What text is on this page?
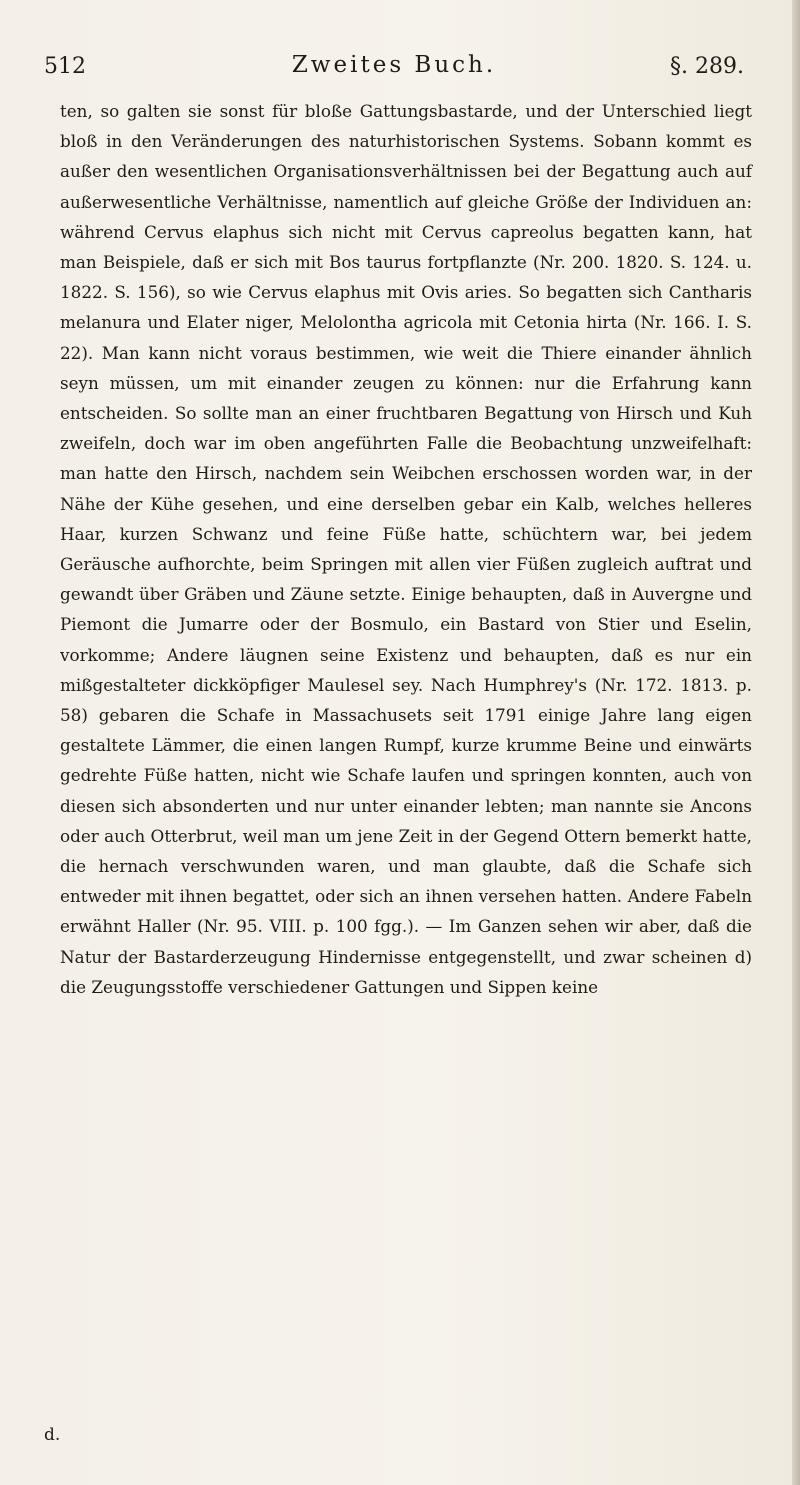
512	Zweites Buch.	§. 289.

ten, so galten sie sonst für bloße Gattungsbastarde, und der Unterschied liegt bloß in den Veränderungen des naturhistorischen Systems. Sobann kommt es außer den wesentlichen Organisationsverhältnissen bei der Begattung auch auf außerwesentliche Verhältnisse, namentlich auf gleiche Größe der Individuen an: während Cervus elaphus sich nicht mit Cervus capreolus begatten kann, hat man Beispiele, daß er sich mit Bos taurus fortpflanzte (Nr. 200. 1820. S. 124. u. 1822. S. 156), so wie Cervus elaphus mit Ovis aries. So begatten sich Cantharis melanura und Elater niger, Melolontha agricola mit Cetonia hirta (Nr. 166. I. S. 22). Man kann nicht voraus bestimmen, wie weit die Thiere einander ähnlich seyn müssen, um mit einander zeugen zu können: nur die Erfahrung kann entscheiden. So sollte man an einer fruchtbaren Begattung von Hirsch und Kuh zweifeln, doch war im oben angeführten Falle die Beobachtung unzweifelhaft: man hatte den Hirsch, nachdem sein Weibchen erschossen worden war, in der Nähe der Kühe gesehen, und eine derselben gebar ein Kalb, welches helleres Haar, kurzen Schwanz und feine Füße hatte, schüchtern war, bei jedem Geräusche aufhorchte, beim Springen mit allen vier Füßen zugleich auftrat und gewandt über Gräben und Zäune setzte. Einige behaupten, daß in Auvergne und Piemont die Jumarre oder der Bosmulo, ein Bastard von Stier und Eselin, vorkomme; Andere läugnen seine Existenz und behaupten, daß es nur ein mißgestalteter dickköpfiger Maulesel sey. Nach Humphrey's (Nr. 172. 1813. p. 58) gebaren die Schafe in Massachusets seit 1791 einige Jahre lang eigen gestaltete Lämmer, die einen langen Rumpf, kurze krumme Beine und einwärts gedrehte Füße hatten, nicht wie Schafe laufen und springen konnten, auch von diesen sich absonderten und nur unter einander lebten; man nannte sie Ancons oder auch Otterbrut, weil man um jene Zeit in der Gegend Ottern bemerkt hatte, die hernach verschwunden waren, und man glaubte, daß die Schafe sich entweder mit ihnen begattet, oder sich an ihnen versehen hatten. Andere Fabeln erwähnt Haller (Nr. 95. VIII. p. 100 fgg.). — Im Ganzen sehen wir aber, daß die Natur der Bastarderzeugung Hindernisse entgegenstellt, und zwar scheinen d) die Zeugungsstoffe verschiedener Gattungen und Sippen keine

d.
